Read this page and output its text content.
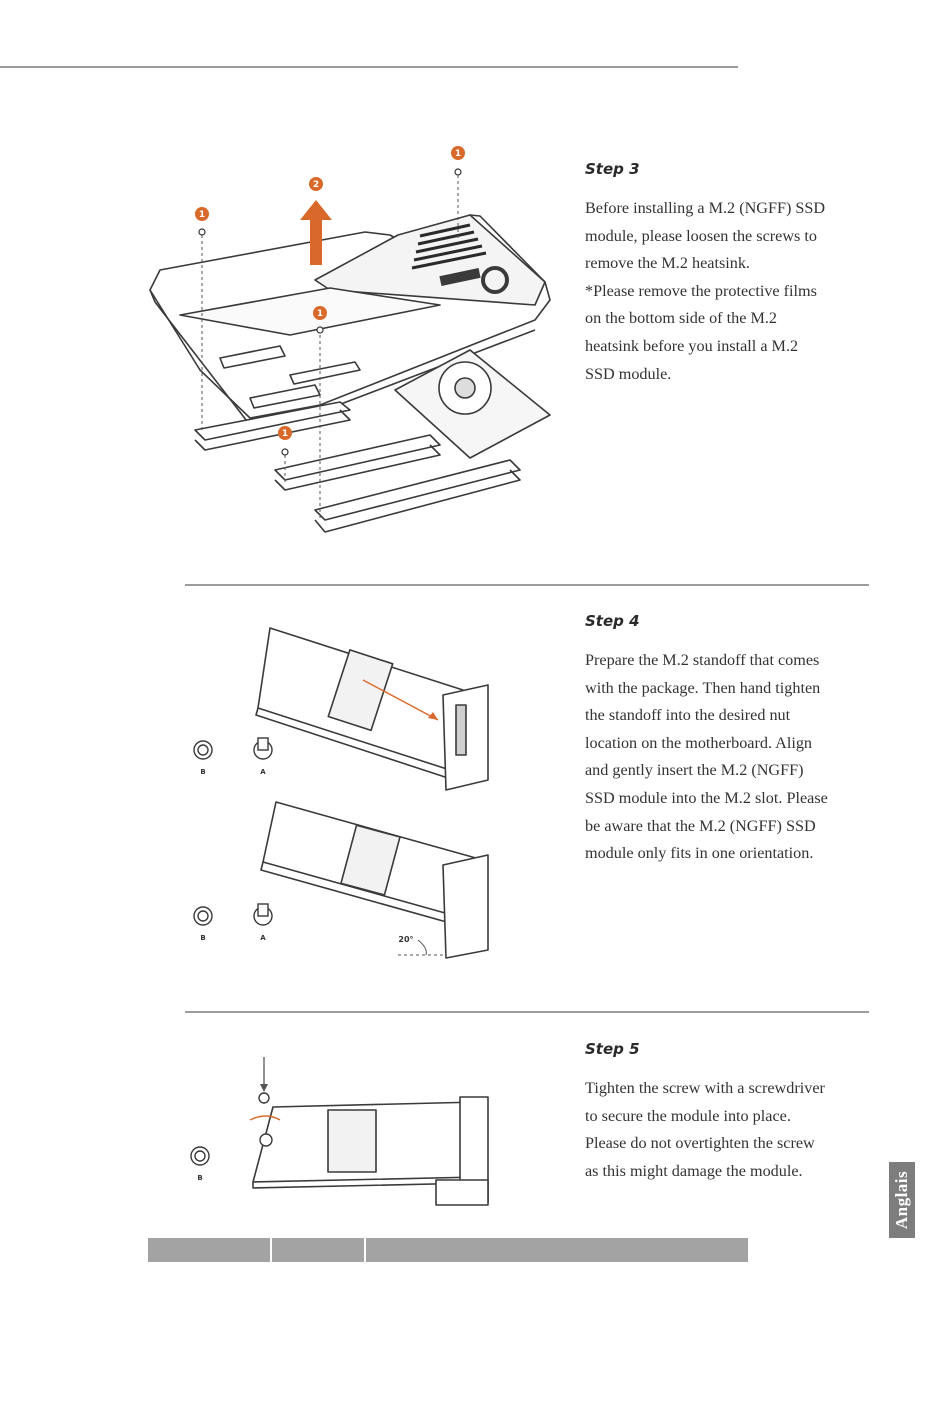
1
2
1
1
1
Step 3

Before installing a M.2 (NGFF) SSD

module, please loosen the screws to

remove the M.2 heatsink.

*Please remove the protective films

on the bottom side of the M.2

heatsink before you install a M.2

SSD module.

B	A
B	A	20°
Step 4

Prepare the M.2 standoff that comes

with the package. Then hand tighten

the standoff into the desired nut

location on the motherboard. Align

and gently insert the M.2 (NGFF)

SSD module into the M.2 slot. Please

be aware that the M.2 (NGFF) SSD

module only fits in one orientation.

B
Step 5

Tighten the screw with a screwdriver

to secure the module into place.

Please do not overtighten the screw

as this might damage the module.

Anglais
